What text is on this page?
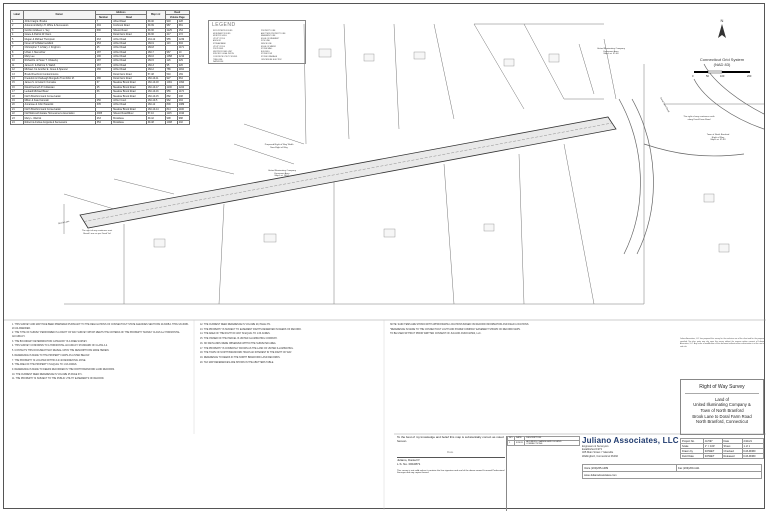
N
Label	Owner	Address		Map-Lot	Deed	
		Number	Road		Volume Page	
1	Jill & Craig E. Brooks	7	Alfred Road	39-40	918	228
2	Antonio & Marilyn H. White & Successors	494	Foxbrook Road	39-39	987	681
3	Gordon & Eileen L. Sey	690	Sibesic Road	39-30	1125	154
4	Grace & Patrick W. Dann		Doral Farm Road	39-36	417	172
5	Megan & Michael Thompson	263	Arthur Road	134-12	955	1249
6	Neven W & Ballerina Elliott	253	Arthur Road	160-9	113	604
7	Christopher T. & Mary J. Kinghorn	25	Arthur Road	160-8		1171
8	Urban J. Menuchier	187	Arthur Road	160-7	967	10
9	Mary Lee	196	Arthur Road	160-6	1058	1212
10	Richard E. & Helen T. Chatecky	187	Arthur Road	160-5	126	229
11	James F. & Patricia S. Walsh	167	Arthur Road	160-3	95	226
12	Michael J & Jennifer E. Jones & Spencer	166	Arthur Road	160-2	786	1162
13	Brook Riverfront Condominiums		Doral Farm Road	57-48	540	169
14	Frederick & Charleagh Mongiello Trust DAU M.	486	Doral Farm Road	160-10-11	927	664
15	James S. & Celia D. Komatsu	67	Meadow Brook Road	160-10-18	1091	1094
16	David Kenneth P. Collassian	25	Meadow Brook Road	160-10-17	1100	1224
17	Leokadi Michael Bleaz	66	Meadow Brook Road	160-10-16	956	1172
18	North Branford Land Conservation		Meadow Brook Road	160-10-15	882	208
19	Milton & Kate Karnoski	256	Arthur Court	160-10-5	962	294
20	Annamae & John Pastelnik	305	Arthur Road	160-12	809	1089
21	North Branford Land Conservation		Meadow Brook Road	160-10-14	814	1100
22	Northfalmouth Estate Homeowners Association	4905	Sibesic Road/River	57-10	1115	1010
23	Mary L. Warrick	263	Brooklane	39-42	998	988
24	Robert & Andrea Coppola & Successors	354	Brooklane	39-48	1008	202
LEGEND
IRON PIPE/PIN FOUND
MONUMENT FOUND
MONITOR HOLE
UTILITY POLE
ANCHOR
STREAM BANK
UTILITY POLE
PROPOSED
NDP/PROPOSED UNIT
SPECIFIC LEGAL WIDTH
CONCRETE UTILITY BOUND
TREE LINE
WATERLINE
PROPERTY LINE
ABUTTERS PROPERTY LINE
EASEMENT LINE
EDGE OF PAVEMENT
ROW LINE
FENCE LINE
EDGE OF WATER
STONE WALL
BUILDING
STONE ROW
STONE DRAINAGE
CENTERLINE ELECTRIC
United Illuminating Company
Easement Area
Map-Lot: 57-48
United Illuminating Company
Easement Area
Map-Lot: 160-1
Proposed Right of Way Width
New Right of Way
Town of North Branford
Right of Way
Map-Lot: 57-49
Doral Farm Road
Brook Lane
The right of way continues east
Brook Lane as per Deed Vol
The right of way continues north
along Doral Farm Road
Connecticut Grid System
(NAD 83)
0	50	100	200

1. THIS SURVEY AND MAP HAVE BEEN PREPARED PURSUANT TO THE REGULATIONS OF CONNECTICUT STATE AGENCIES SECTIONS 20-300B-1 THRU 20-300B-20 AS AMENDED.

2. THE TYPE OF SURVEY PERFORMED IS A RIGHT OF WAY SURVEY WHICH MEETS THE CRITERIA OF THE PROPERTY SURVEY CLASS A-2 HORIZONTAL ACCURACY.

3. THE BOUNDARY DETERMINATION CATEGORY IS A FREE SURVEY.

4. THIS SURVEY CONFORMS TO A HORIZONTAL ACCURACY STANDARD OF CLASS A-2.

5. CONTACTS THIS DOCUMENT MAY REVEAL UPON THE DESCRIPTIONS MADE HEREIN.

6. REFERENCE IS MADE TO THE PROPERTY MAPS AS LISTED BELOW.

7. THE PROPERTY IS LOCATED WITHIN A R-40 RESIDENTIAL ZONE.

8. THE AREA OF THE PROPERTY IS EQUAL TO 1.63 ACRES.

9. REFERENCE IS MADE TO DEEDS RECORDED IN THE NORTH BRANFORD LAND RECORDS.

10. THE CURRENT DEED REFERENCE IS VOLUME 25 PAGE 371.

11. THE PROPERTY IS SUBJECT TO THE PUBLIC UTILITY EASEMENTS OF RECORD.

12. THE CURRENT DEED REFERENCE IS VOLUME 29, PAGE 371.

13. THE PROPERTY IS SUBJECT TO EASEMENT RIGHTS RESERVED IN DEEDS OF RECORD.

14. THE AREA OF THE RIGHT OF WAY IS EQUAL TO 1.63 ACRES.

15. THE OWNER OF THE PARCEL IS UNITED ILLUMINATING COMPANY.

16. NO WETLANDS WERE OBSERVED WITHIN THE SURVEYED AREA.

17. THE PROPERTY IS COMMONLY KNOWN AS THE LAND OF UNITED ILLUMINATING.

18. THE TOWN OF NORTH BRANFORD HOLDS AN INTEREST IN THE RIGHT OF WAY.

19. REFERENCE TO DEEDS IN THE NORTH BRANFORD LAND RECORDS.

20. TAX MAP REFERENCES ARE SHOWN IN THE ABUTTERS TABLE.

NOTE: SAID ITEMS ARE SHOWN WITH APPROXIMATE LOCATIONS BASED ON RECORD INFORMATION AND FIELD LOCATIONS.

*REFERENCE IS MADE TO THE CONNECTICUT LIGHT AND POWER COMPANY EASEMENT SHOWN ON RECORD MAPS.

TO BE USED WITHOUT PRIOR WRITTEN CONSENT OF JULIANO ASSOCIATES, LLC.

Juliano Associates, LLC has prepared this survey for the exclusive use of the client and for the purpose specified. No other party may rely upon this survey without the express written consent of Juliano Associates, LLC. Any reuse or modification of this document without written authorization is at the user's sole risk.
Right of Way Survey
Land of
United Illuminating Company &
Town of North Branford
Brook Lane to Doral Farm Road
North Branford, Connecticut
To the best of my knowledge and belief this map is substantially correct as noted hereon.
Date
Juliano, Daniel P.
L.S. No. 0010871
This survey is not valid unless it contains the live signature and seal of the above named Licensed Professional Surveyor and any copies thereof.
NO.	DATE	DESCRIPTION
1	3/25/21	ADDRESS CHANGE AND LEGEND CORRECTIONS	Juliano Associates, LLC
Engineers & Surveyors
Established 1973
405 Main Street / Yalesville
Wallingford, Connecticut 06492
Voice (203)265-1489	Fax (203)269-1111
www.JulianoAssociates.com
Project No.	JA 597	Date	2/11/21
Scale	1" = 100'	Sheet	1 of 1
Drawn by	RJ/WET	Checked	DJ/LM/RD
Field Date	RJ/WET	Released	DJ/LM/RD
